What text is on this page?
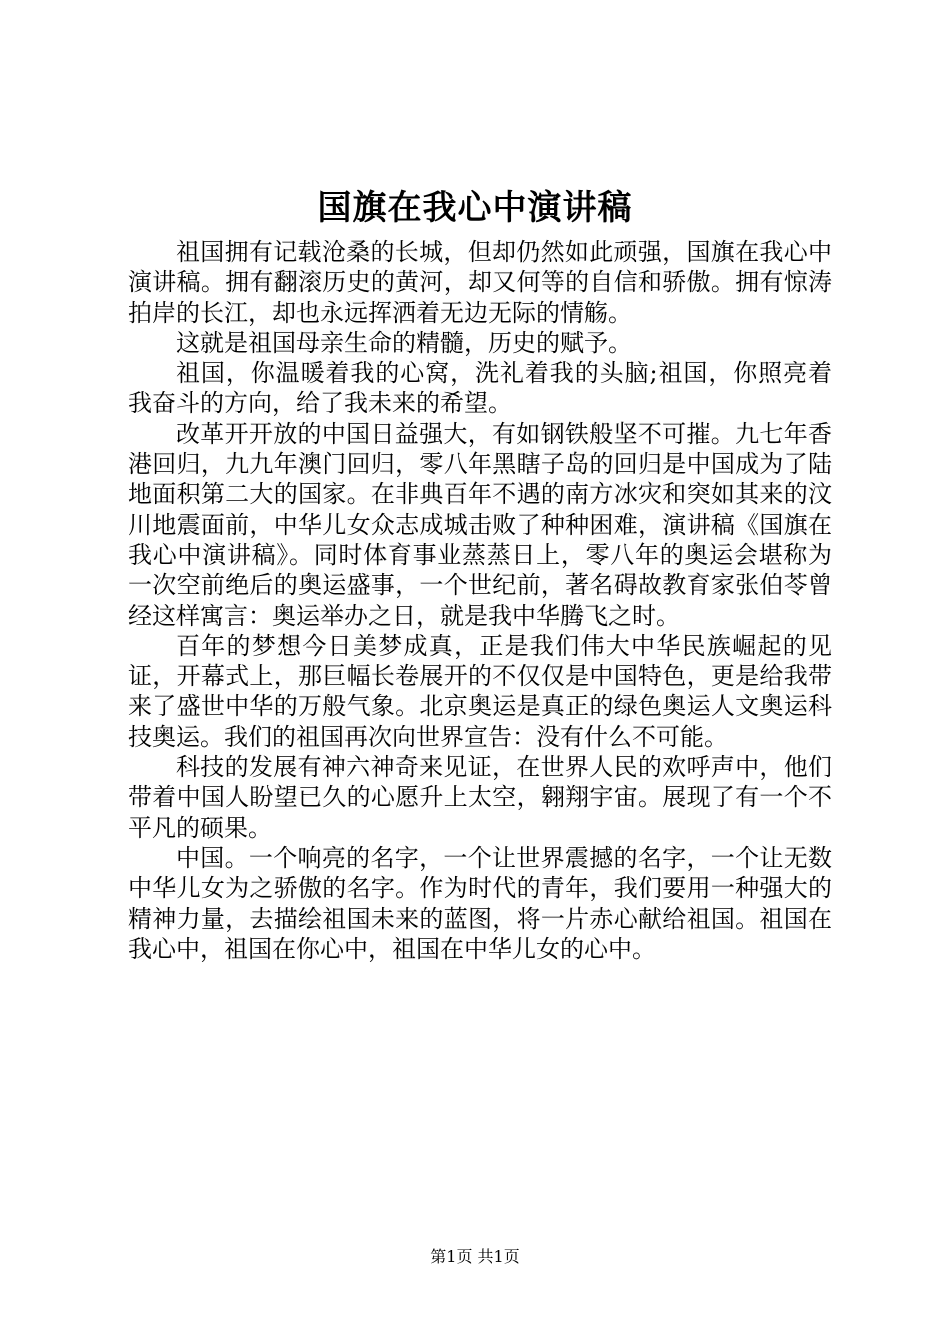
国旗在我心中演讲稿

祖国拥有记载沧桑的长城，但却仍然如此顽强，国旗在我心中演讲稿。拥有翻滚历史的黄河，却又何等的自信和骄傲。拥有惊涛拍岸的长江，却也永远挥洒着无边无际的情觞。

这就是祖国母亲生命的精髓，历史的赋予。

祖国，你温暖着我的心窝，洗礼着我的头脑;祖国，你照亮着我奋斗的方向，给了我未来的希望。

改革开开放的中国日益强大，有如钢铁般坚不可摧。九七年香港回归，九九年澳门回归，零八年黑瞎子岛的回归是中国成为了陆地面积第二大的国家。在非典百年不遇的南方冰灾和突如其来的汶川地震面前，中华儿女众志成城击败了种种困难，演讲稿《国旗在我心中演讲稿》。同时体育事业蒸蒸日上，零八年的奥运会堪称为一次空前绝后的奥运盛事，一个世纪前，著名碍故教育家张伯苓曾经这样寓言：奥运举办之日，就是我中华腾飞之时。

百年的梦想今日美梦成真，正是我们伟大中华民族崛起的见证，开幕式上，那巨幅长卷展开的不仅仅是中国特色，更是给我带来了盛世中华的万般气象。北京奥运是真正的绿色奥运人文奥运科技奥运。我们的祖国再次向世界宣告：没有什么不可能。

科技的发展有神六神奇来见证，在世界人民的欢呼声中，他们带着中国人盼望已久的心愿升上太空，翱翔宇宙。展现了有一个不平凡的硕果。

中国。一个响亮的名字，一个让世界震撼的名字，一个让无数中华儿女为之骄傲的名字。作为时代的青年，我们要用一种强大的精神力量，去描绘祖国未来的蓝图，将一片赤心献给祖国。祖国在我心中，祖国在你心中，祖国在中华儿女的心中。

第1页 共1页
